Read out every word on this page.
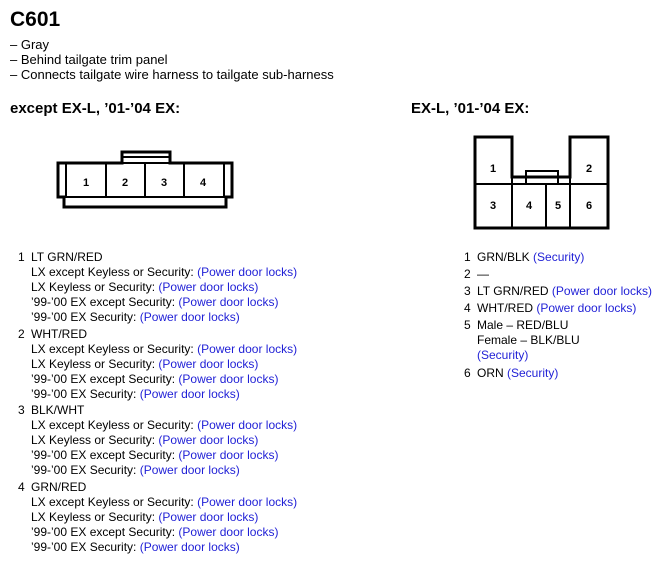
C601
– Gray
– Behind tailgate trim panel
– Connects tailgate wire harness to tailgate sub-harness
except EX-L, ’01-’04 EX:	EX-L, ’01-’04 EX:
1	2	3	4
1	2
3	4 5 6
1 LT GRN/RED
LX except Keyless or Security: (Power door locks)
LX Keyless or Security: (Power door locks)
’99-’00 EX except Security: (Power door locks)
’99-’00 EX Security: (Power door locks)
2 WHT/RED
LX except Keyless or Security: (Power door locks)
LX Keyless or Security: (Power door locks)
’99-’00 EX except Security: (Power door locks)
’99-’00 EX Security: (Power door locks)
3 BLK/WHT
LX except Keyless or Security: (Power door locks)
LX Keyless or Security: (Power door locks)
’99-’00 EX except Security: (Power door locks)
’99-’00 EX Security: (Power door locks)
4 GRN/RED
LX except Keyless or Security: (Power door locks)
LX Keyless or Security: (Power door locks)
’99-’00 EX except Security: (Power door locks)
’99-’00 EX Security: (Power door locks)
1 GRN/BLK (Security)
2 —
3 LT GRN/RED (Power door locks)
4 WHT/RED (Power door locks)
5 Male – RED/BLU
Female – BLK/BLU
(Security)
6 ORN (Security)
